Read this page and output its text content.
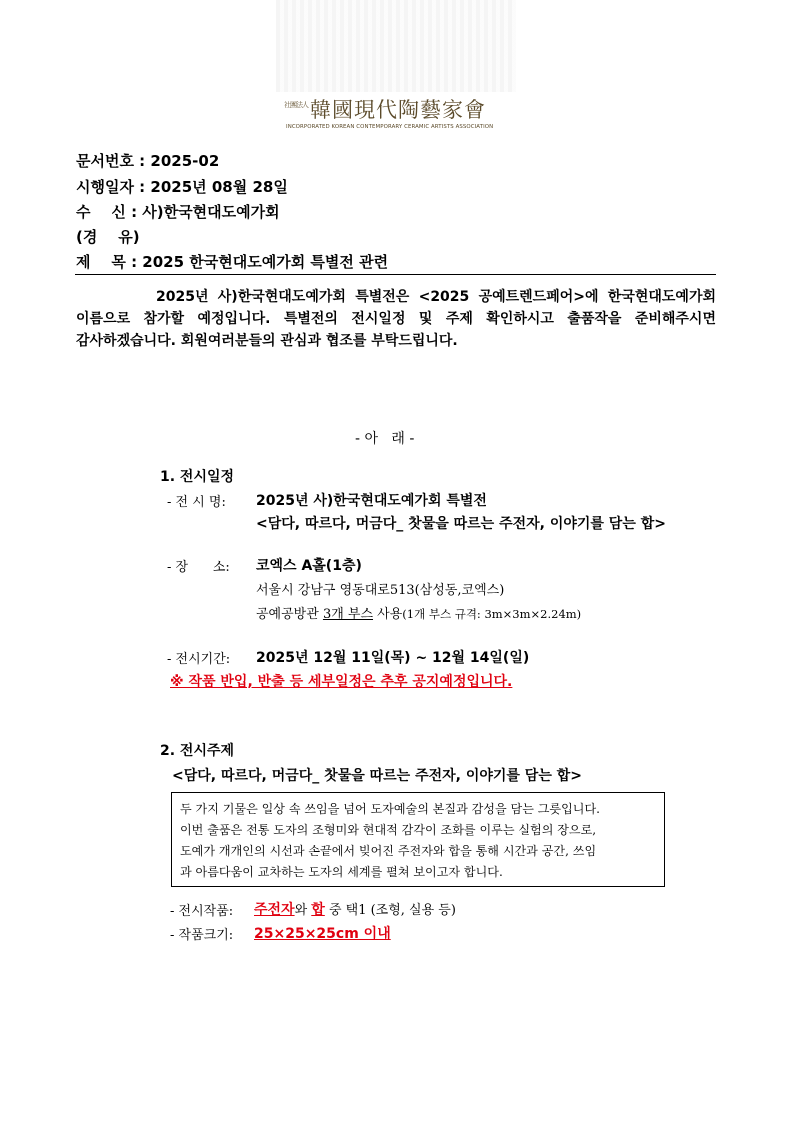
社團法人 韓國現代陶藝家會
INCORPORATED KOREAN CONTEMPORARY CERAMIC ARTISTS ASSOCIATION
문서번호 : 2025-02
시행일자 : 2025년 08월 28일
수    신 : 사)한국현대도예가회
(경    유)
제    목 : 2025 한국현대도예가회 특별전 관련
2025년 사)한국현대도예가회 특별전은 <2025 공예트렌드페어>에 한국현대도예가회
이름으로 참가할 예정입니다. 특별전의 전시일정 및 주제 확인하시고 출품작을 준비해주시면
감사하겠습니다. 회원여러분들의 관심과 협조를 부탁드립니다.
- 아   래 -
1. 전시일정
- 전 시 명: 2025년 사)한국현대도예가회 특별전
<담다, 따르다, 머금다_ 찻물을 따르는 주전자, 이야기를 담는 합>
- 장      소: 코엑스 A홀(1층)
서울시 강남구 영동대로513(삼성동,코엑스)
공예공방관 3개 부스 사용(1개 부스 규격: 3m×3m×2.24m)
- 전시기간: 2025년 12월 11일(목) ~ 12월 14일(일)
※ 작품 반입, 반출 등 세부일정은 추후 공지예정입니다.
2. 전시주제
<담다, 따르다, 머금다_ 찻물을 따르는 주전자, 이야기를 담는 합>
두 가지 기물은 일상 속 쓰임을 넘어 도자예술의 본질과 감성을 담는 그릇입니다.
이번 출품은 전통 도자의 조형미와 현대적 감각이 조화를 이루는 실험의 장으로,
도예가 개개인의 시선과 손끝에서 빚어진 주전자와 합을 통해 시간과 공간, 쓰임
과 아름다움이 교차하는 도자의 세계를 펼쳐 보이고자 합니다.
- 전시작품: 주전자와 합 중 택1 (조형, 실용 등)
- 작품크기: 25×25×25cm 이내
